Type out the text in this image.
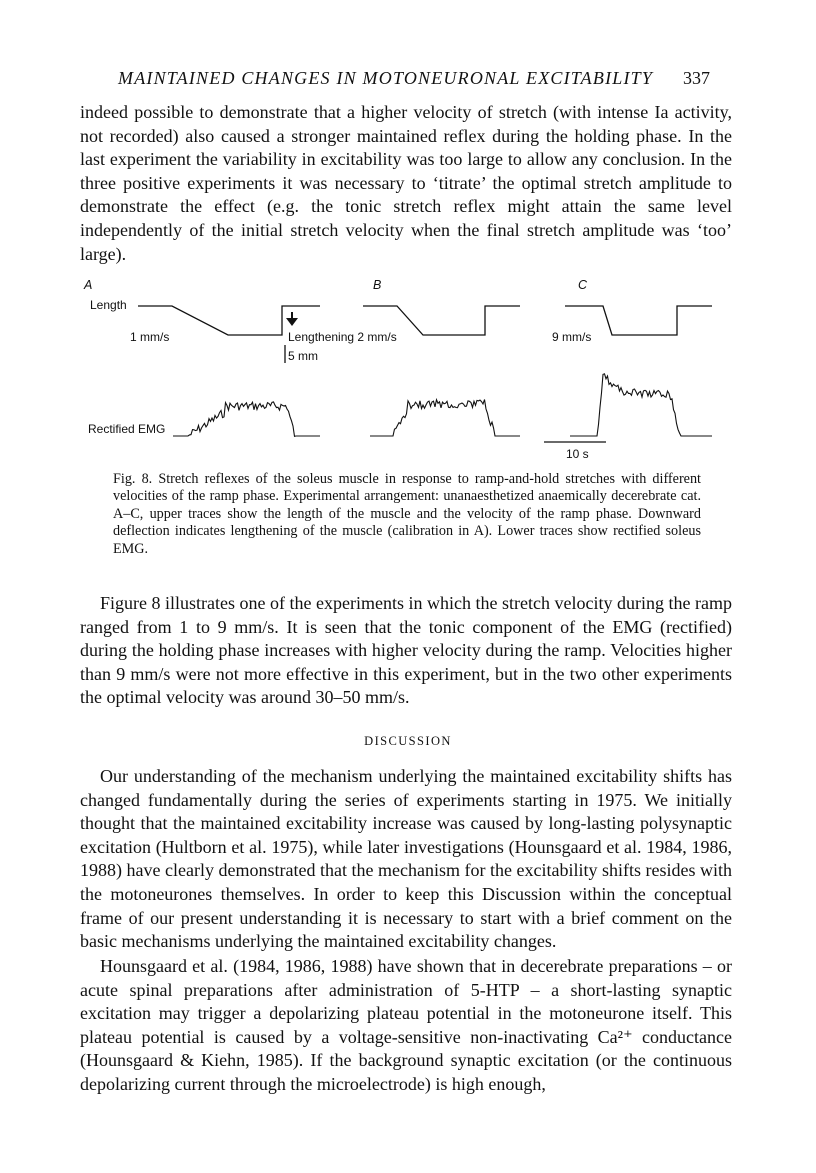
MAINTAINED CHANGES IN MOTONEURONAL EXCITABILITY 337

indeed possible to demonstrate that a higher velocity of stretch (with intense Ia activity, not recorded) also caused a stronger maintained reflex during the holding phase. In the last experiment the variability in excitability was too large to allow any conclusion. In the three positive experiments it was necessary to ‘titrate’ the optimal stretch amplitude to demonstrate the effect (e.g. the tonic stretch reflex might attain the same level independently of the initial stretch velocity when the final stretch amplitude was ‘too’ large).

A	B	C
Length
1 mm/s	Lengthening 2 mm/s	9 mm/s
5 mm
Rectified EMG
10 s

Fig. 8. Stretch reflexes of the soleus muscle in response to ramp-and-hold stretches with different velocities of the ramp phase. Experimental arrangement: unanaesthetized anaemically decerebrate cat. A–C, upper traces show the length of the muscle and the velocity of the ramp phase. Downward deflection indicates lengthening of the muscle (calibration in A). Lower traces show rectified soleus EMG.

Figure 8 illustrates one of the experiments in which the stretch velocity during the ramp ranged from 1 to 9 mm/s. It is seen that the tonic component of the EMG (rectified) during the holding phase increases with higher velocity during the ramp. Velocities higher than 9 mm/s were not more effective in this experiment, but in the two other experiments the optimal velocity was around 30–50 mm/s.

DISCUSSION

Our understanding of the mechanism underlying the maintained excitability shifts has changed fundamentally during the series of experiments starting in 1975. We initially thought that the maintained excitability increase was caused by long-lasting polysynaptic excitation (Hultborn et al. 1975), while later investigations (Hounsgaard et al. 1984, 1986, 1988) have clearly demonstrated that the mechanism for the excitability shifts resides with the motoneurones themselves. In order to keep this Discussion within the conceptual frame of our present understanding it is necessary to start with a brief comment on the basic mechanisms underlying the maintained excitability changes.

Hounsgaard et al. (1984, 1986, 1988) have shown that in decerebrate preparations – or acute spinal preparations after administration of 5-HTP – a short-lasting synaptic excitation may trigger a depolarizing plateau potential in the motoneurone itself. This plateau potential is caused by a voltage-sensitive non-inactivating Ca²⁺ conductance (Hounsgaard & Kiehn, 1985). If the background synaptic excitation (or the continuous depolarizing current through the microelectrode) is high enough,
